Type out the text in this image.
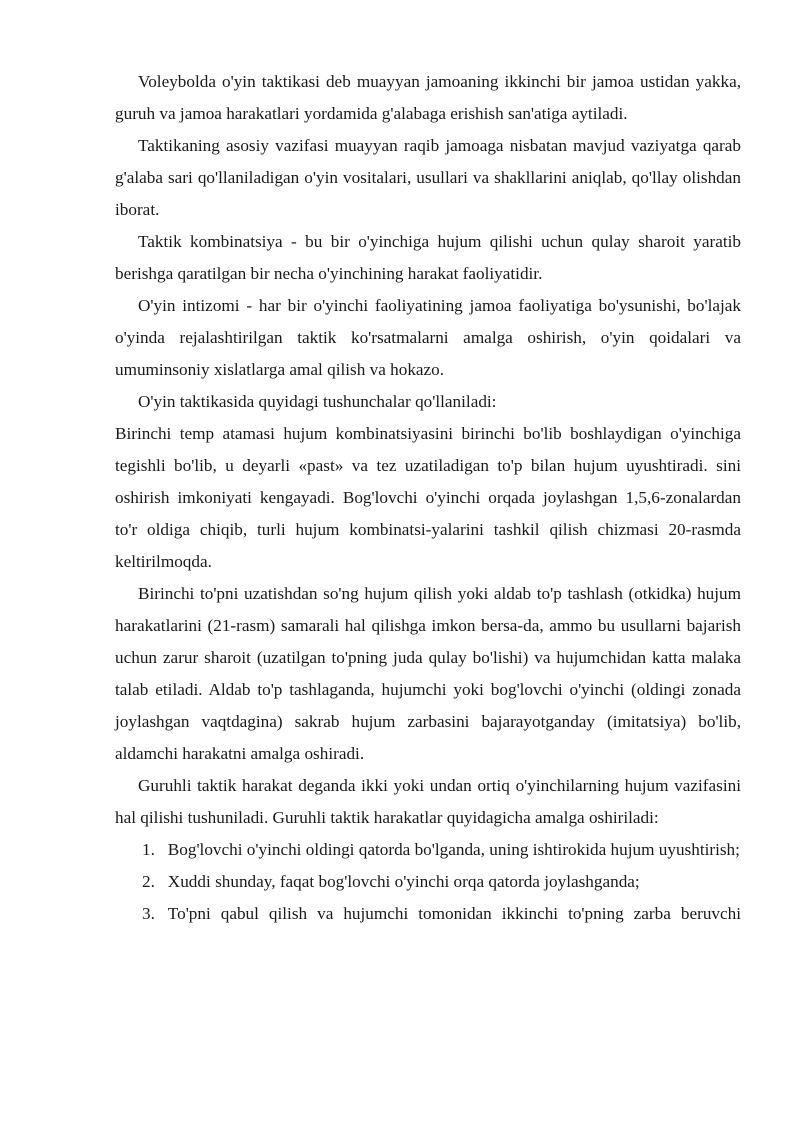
Voleybolda o'yin taktikasi deb muayyan jamoaning ikkinchi bir jamoa ustidan yakka, guruh va jamoa harakatlari yordamida g'alabaga erishish san'atiga aytiladi.

Taktikaning asosiy vazifasi muayyan raqib jamoaga nisbatan mavjud vaziyatga qarab g'alaba sari qo'llaniladigan o'yin vositalari, usullari va shakllarini aniqlab, qo'llay olishdan iborat.

Taktik kombinatsiya - bu bir o'yinchiga hujum qilishi uchun qulay sharoit yaratib berishga qaratilgan bir necha o'yinchining harakat faoliyatidir.

O'yin intizomi - har bir o'yinchi faoliyatining jamoa faoliyatiga bo'ysunishi, bo'lajak o'yinda rejalashtirilgan taktik ko'rsatmalarni amalga oshirish, o'yin qoidalari va umuminsoniy xislatlarga amal qilish va hokazo.

O'yin taktikasida quyidagi tushunchalar qo'llaniladi:

Birinchi temp atamasi hujum kombinatsiyasini birinchi bo'lib boshlaydigan o'yinchiga tegishli bo'lib, u deyarli «past» va tez uzatiladigan to'p bilan hujum uyushtiradi. sini oshirish imkoniyati kengayadi. Bog'lovchi o'yinchi orqada joylashgan 1,5,6-zonalardan to'r oldiga chiqib, turli hujum kombinatsi-yalarini tashkil qilish chizmasi 20-rasmda keltirilmoqda.

Birinchi to'pni uzatishdan so'ng hujum qilish yoki aldab to'p tashlash (otkidka) hujum harakatlarini (21-rasm) samarali hal qilishga imkon bersa-da, ammo bu usullarni bajarish uchun zarur sharoit (uzatilgan to'pning juda qulay bo'lishi) va hujumchidan katta malaka talab etiladi. Aldab to'p tashlaganda, hujumchi yoki bog'lovchi o'yinchi (oldingi zonada joylashgan vaqtdagina) sakrab hujum zarbasini bajarayotganday (imitatsiya) bo'lib, aldamchi harakatni amalga oshiradi.

Guruhli taktik harakat deganda ikki yoki undan ortiq o'yinchilarning hujum vazifasini hal qilishi tushuniladi. Guruhli taktik harakatlar quyidagicha amalga oshiriladi:

1. Bog'lovchi o'yinchi oldingi qatorda bo'lganda, uning ishtirokida hujum uyushtirish;

2. Xuddi shunday, faqat bog'lovchi o'yinchi orqa qatorda joylashganda;

3. To'pni qabul qilish va hujumchi tomonidan ikkinchi to'pning zarba beruvchi
